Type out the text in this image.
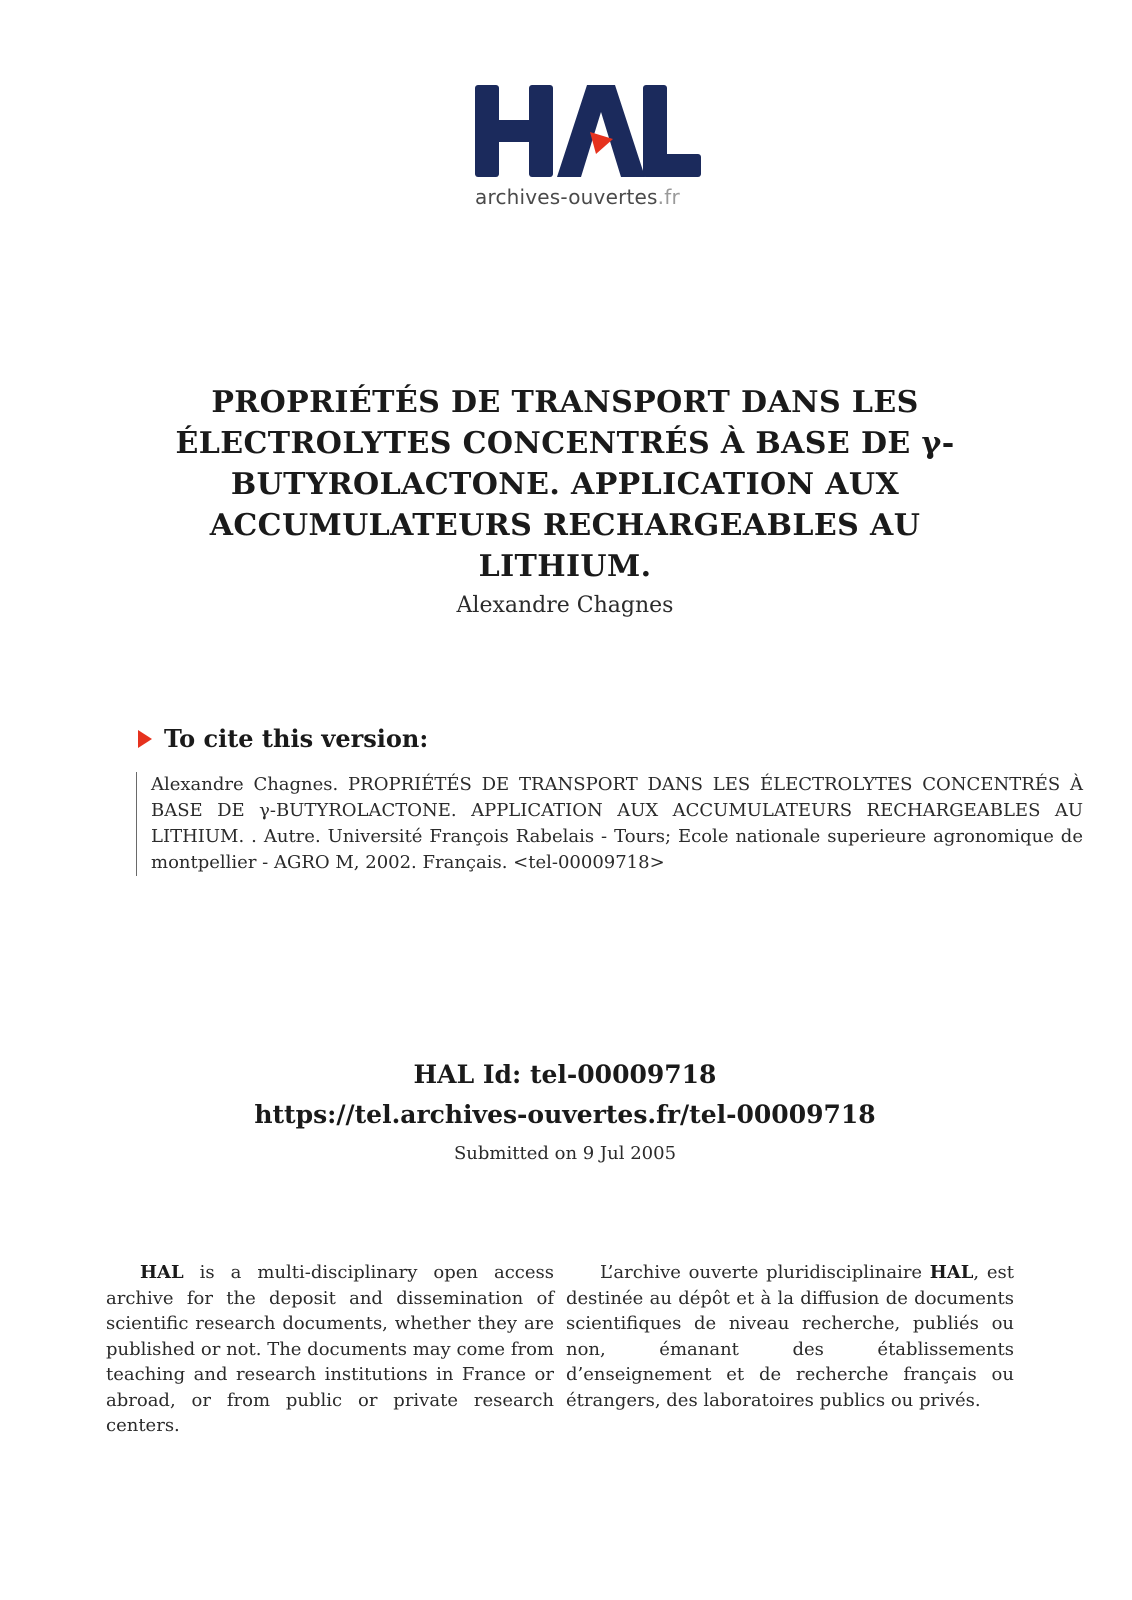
archives-ouvertes.fr
PROPRIÉTÉS DE TRANSPORT DANS LES ÉLECTROLYTES CONCENTRÉS À BASE DE γ-BUTYROLACTONE. APPLICATION AUX ACCUMULATEURS RECHARGEABLES AU LITHIUM.
Alexandre Chagnes
To cite this version:
Alexandre Chagnes. PROPRIÉTÉS DE TRANSPORT DANS LES ÉLECTROLYTES CONCENTRÉS À BASE DE γ-BUTYROLACTONE. APPLICATION AUX ACCUMULATEURS RECHARGEABLES AU LITHIUM. . Autre. Université François Rabelais - Tours; Ecole nationale superieure agronomique de montpellier - AGRO M, 2002. Français. <tel-00009718>
HAL Id: tel-00009718
https://tel.archives-ouvertes.fr/tel-00009718
Submitted on 9 Jul 2005
HAL is a multi-disciplinary open access archive for the deposit and dissemination of scientific research documents, whether they are published or not. The documents may come from teaching and research institutions in France or abroad, or from public or private research centers.
L’archive ouverte pluridisciplinaire HAL, est destinée au dépôt et à la diffusion de documents scientifiques de niveau recherche, publiés ou non, émanant des établissements d’enseignement et de recherche français ou étrangers, des laboratoires publics ou privés.
